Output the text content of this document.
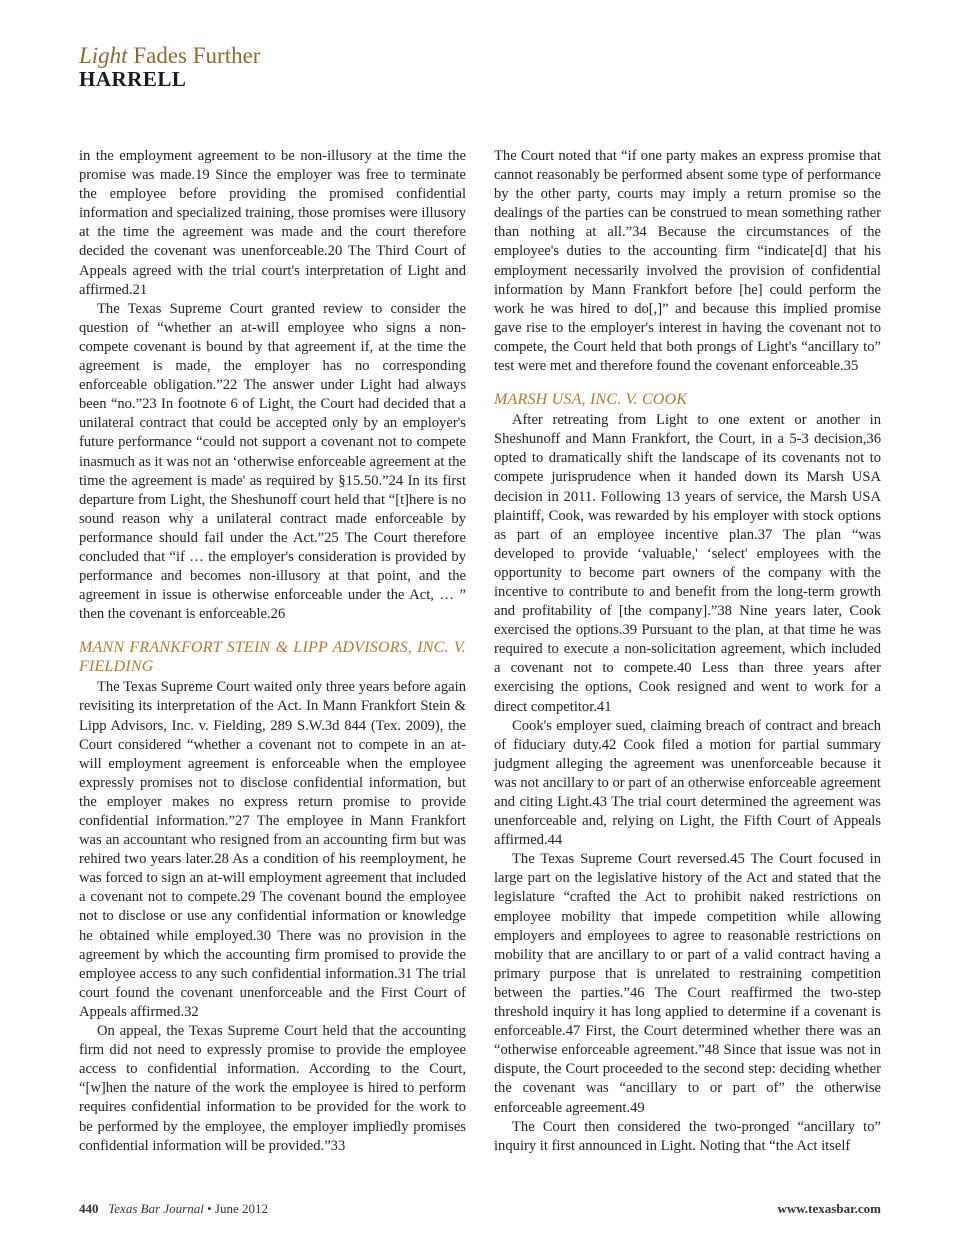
Light Fades Further
HARRELL

in the employment agreement to be non-illusory at the time the promise was made.19 Since the employer was free to terminate the employee before providing the promised confidential information and specialized training, those promises were illusory at the time the agreement was made and the court therefore decided the covenant was unenforceable.20 The Third Court of Appeals agreed with the trial court's interpretation of Light and affirmed.21

The Texas Supreme Court granted review to consider the question of “whether an at-will employee who signs a non-compete covenant is bound by that agreement if, at the time the agreement is made, the employer has no corresponding enforceable obligation.”22 The answer under Light had always been “no.”23 In footnote 6 of Light, the Court had decided that a unilateral contract that could be accepted only by an employer's future performance “could not support a covenant not to compete inasmuch as it was not an ‘otherwise enforceable agreement at the time the agreement is made' as required by §15.50.”24 In its first departure from Light, the Sheshunoff court held that “[t]here is no sound reason why a unilateral contract made enforceable by performance should fail under the Act.”25 The Court therefore concluded that “if … the employer's consideration is provided by performance and becomes non-illusory at that point, and the agreement in issue is otherwise enforceable under the Act, … ” then the covenant is enforceable.26

MANN FRANKFORT STEIN & LIPP ADVISORS, INC. V. FIELDING

The Texas Supreme Court waited only three years before again revisiting its interpretation of the Act. In Mann Frankfort Stein & Lipp Advisors, Inc. v. Fielding, 289 S.W.3d 844 (Tex. 2009), the Court considered “whether a covenant not to compete in an at-will employment agreement is enforceable when the employee expressly promises not to disclose confidential information, but the employer makes no express return promise to provide confidential information.”27 The employee in Mann Frankfort was an accountant who resigned from an accounting firm but was rehired two years later.28 As a condition of his reemployment, he was forced to sign an at-will employment agreement that included a covenant not to compete.29 The covenant bound the employee not to disclose or use any confidential information or knowledge he obtained while employed.30 There was no provision in the agreement by which the accounting firm promised to provide the employee access to any such confidential information.31 The trial court found the covenant unenforceable and the First Court of Appeals affirmed.32

On appeal, the Texas Supreme Court held that the accounting firm did not need to expressly promise to provide the employee access to confidential information. According to the Court, “[w]hen the nature of the work the employee is hired to perform requires confidential information to be provided for the work to be performed by the employee, the employer impliedly promises confidential information will be provided.”33

The Court noted that “if one party makes an express promise that cannot reasonably be performed absent some type of performance by the other party, courts may imply a return promise so the dealings of the parties can be construed to mean something rather than nothing at all.”34 Because the circumstances of the employee's duties to the accounting firm “indicate[d] that his employment necessarily involved the provision of confidential information by Mann Frankfort before [he] could perform the work he was hired to do[,]” and because this implied promise gave rise to the employer's interest in having the covenant not to compete, the Court held that both prongs of Light's “ancillary to” test were met and therefore found the covenant enforceable.35

MARSH USA, INC. V. COOK

After retreating from Light to one extent or another in Sheshunoff and Mann Frankfort, the Court, in a 5-3 decision,36 opted to dramatically shift the landscape of its covenants not to compete jurisprudence when it handed down its Marsh USA decision in 2011. Following 13 years of service, the Marsh USA plaintiff, Cook, was rewarded by his employer with stock options as part of an employee incentive plan.37 The plan “was developed to provide ‘valuable,' ‘select' employees with the opportunity to become part owners of the company with the incentive to contribute to and benefit from the long-term growth and profitability of [the company].”38 Nine years later, Cook exercised the options.39 Pursuant to the plan, at that time he was required to execute a non-solicitation agreement, which included a covenant not to compete.40 Less than three years after exercising the options, Cook resigned and went to work for a direct competitor.41

Cook's employer sued, claiming breach of contract and breach of fiduciary duty.42 Cook filed a motion for partial summary judgment alleging the agreement was unenforceable because it was not ancillary to or part of an otherwise enforceable agreement and citing Light.43 The trial court determined the agreement was unenforceable and, relying on Light, the Fifth Court of Appeals affirmed.44

The Texas Supreme Court reversed.45 The Court focused in large part on the legislative history of the Act and stated that the legislature “crafted the Act to prohibit naked restrictions on employee mobility that impede competition while allowing employers and employees to agree to reasonable restrictions on mobility that are ancillary to or part of a valid contract having a primary purpose that is unrelated to restraining competition between the parties.”46 The Court reaffirmed the two-step threshold inquiry it has long applied to determine if a covenant is enforceable.47 First, the Court determined whether there was an “otherwise enforceable agreement.”48 Since that issue was not in dispute, the Court proceeded to the second step: deciding whether the covenant was “ancillary to or part of” the otherwise enforceable agreement.49

The Court then considered the two-pronged “ancillary to” inquiry it first announced in Light. Noting that “the Act itself

440 Texas Bar Journal • June 2012	www.texasbar.com
